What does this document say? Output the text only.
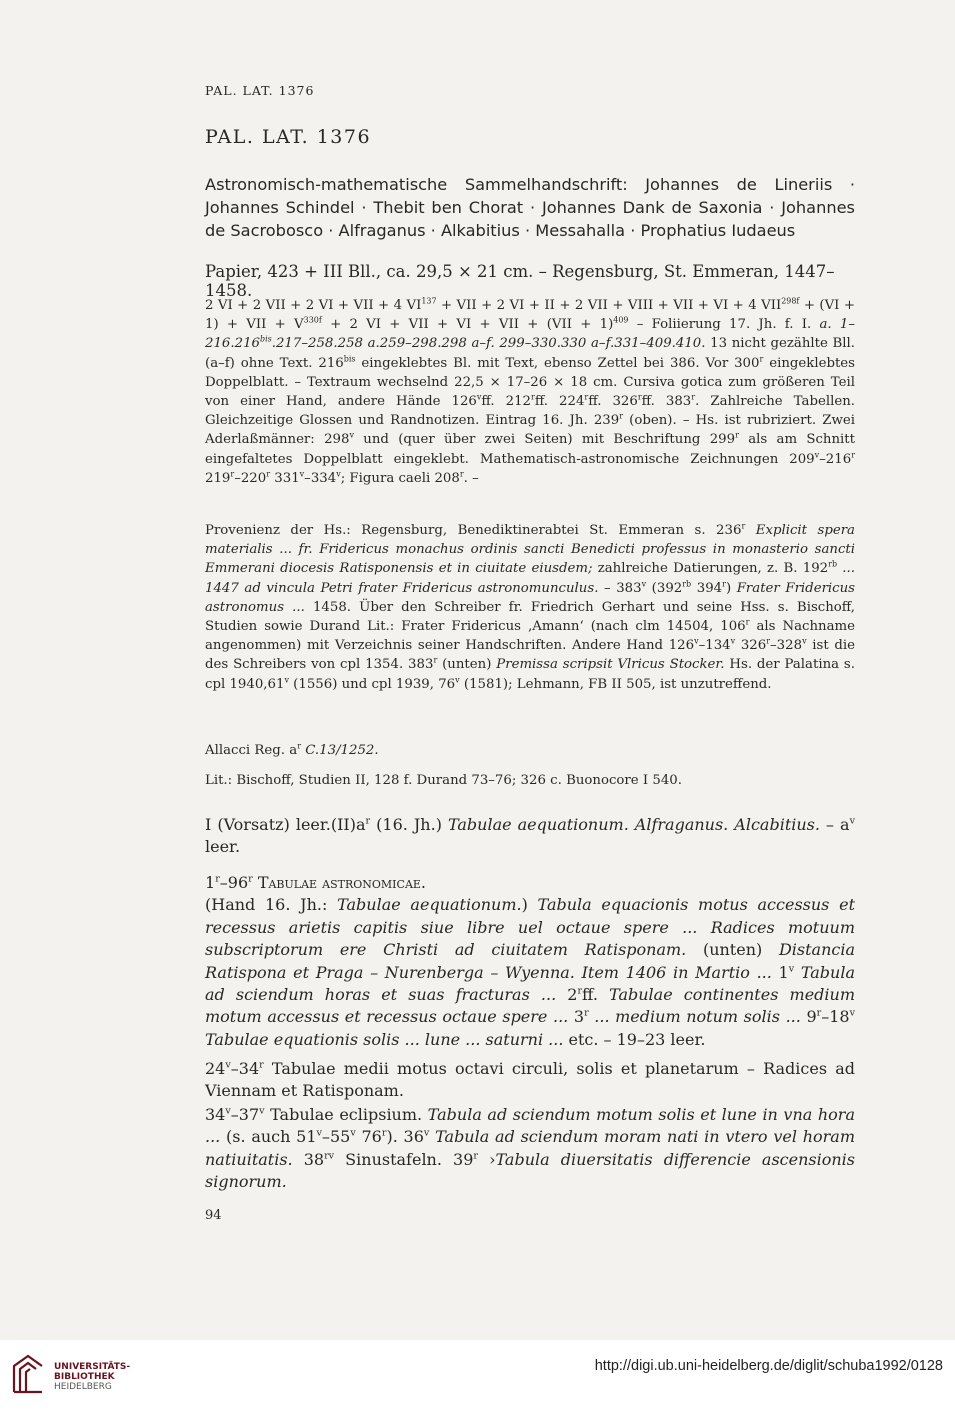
PAL. LAT. 1376
PAL. LAT. 1376

Astronomisch-mathematische Sammelhandschrift: Johannes de Lineriis · Johannes Schindel · Thebit ben Chorat · Johannes Dank de Saxonia · Johannes de Sacrobosco · Alfraganus · Alkabitius · Messahalla · Prophatius Iudaeus

Papier, 423 + III Bll., ca. 29,5 × 21 cm. – Regensburg, St. Emmeran, 1447–1458.

2 VI + 2 VII + 2 VI + VII + 4 $VI^{137}$ + VII + 2 VI + II + 2 VII + VIII + VII + VI + 4 $VII^{298f} + (VI + 1)$ + VII + $V^{330f} + 2$ VI + VII + VI + VII + (VII + 1)$^{409}$ – Foliierung 17. Jh. f. I. a. $1-216.216^{bis}.217-258.258$ a.259–298.298 a–f. 299–330.330 a–f.331–409.410. 13 nicht gezählte Bll. (a–f) ohne Text. $216^{bis}$ eingeklebtes Bl. mit Text, ebenso Zettel bei 386. Vor 300$^r$ eingeklebtes Doppelblatt. – Textraum wechselnd 22,5 × 17–26 × 18 cm. Cursiva gotica zum größeren Teil von einer Hand, andere Hände 126$^v$ff. 212$^r$ff. 224$^r$ff. 326$^r$ff. 383$^r$. Zahlreiche Tabellen. Gleichzeitige Glossen und Randnotizen. Eintrag 16. Jh. 239$^r$ (oben). – Hs. ist rubriziert. Zwei Aderlaßmänner: 298$^v$ und (quer über zwei Seiten) mit Beschriftung 299$^r$ als am Schnitt eingefaltetes Doppelblatt eingeklebt. Mathematisch-astronomische Zeichnungen 209$^v$–216$^r$ 219$^r$–220$^r$ 331$^v$–334$^v$; Figura caeli 208$^r$. –

Provenienz der Hs.: Regensburg, Benediktinerabtei St. Emmeran s. 236$^r$ Explicit spera materialis ... fr. Fridericus monachus ordinis sancti Benedicti professus in monasterio sancti Emmerani diocesis Ratisponensis et in ciuitate eiusdem; zahlreiche Datierungen, z. B. $192^{rb}$ ... 1447 ad vincula Petri frater Fridericus astronomunculus. – 383$^v$ ($392^{rb}$ 394$^r$) Frater Fridericus astronomus ... 1458. Über den Schreiber fr. Friedrich Gerhart und seine Hss. s. Bischoff, Studien sowie Durand Lit.: Frater Fridericus ‚Amann‘ (nach clm 14504, 106$^r$ als Nachname angenommen) mit Verzeichnis seiner Handschriften. Andere Hand 126$^v$–134$^v$ 326$^r$–328$^v$ ist die des Schreibers von cpl 1354. 383$^r$ (unten) Premissa scripsit Vlricus Stocker. Hs. der Palatina s. cpl 1940,61$^v$ (1556) und cpl 1939, 76$^v$ (1581); Lehmann, FB II 505, ist unzutreffend.

Allacci Reg. $a^r$ C.13/1252.

Lit.: Bischoff, Studien II, 128 f. Durand 73–76; 326 c. Buonocore I 540.

I (Vorsatz) $leer.(II)a^r$ (16. Jh.) Tabulae aequationum. Alfraganus. Alcabitius. – $a^v$ leer.

1$^r$–96$^r$ Tabulae astronomicae.

(Hand 16. Jh.: Tabulae aequationum.) Tabula equacionis motus accessus et recessus arietis capitis siue libre uel octaue spere ... Radices motuum subscriptorum ere Christi ad ciuitatem Ratisponam. (unten) Distancia Ratispona et Praga – Nurenberga – Wyenna. Item 1406 in Martio ... 1$^v$ Tabula ad sciendum horas et suas fracturas ... 2$^r$ff. Tabulae continentes medium motum accessus et recessus octaue spere ... 3$^r$ ... medium notum solis ... 9$^r$–18$^v$ Tabulae equationis solis ... lune ... saturni ... etc. – 19–23 leer.

24$^v$–34$^r$ Tabulae medii motus octavi circuli, solis et planetarum – Radices ad Viennam et Ratisponam.

34$^v$–37$^v$ Tabulae eclipsium. Tabula ad sciendum motum solis et lune in vna hora ... (s. auch 51$^v$–55$^v$ 76$^r$). 36$^v$ Tabula ad sciendum moram nati in vtero vel horam natiuitatis. $38^{rv}$ Sinustafeln. 39$^r$ ›Tabula diuersitatis differencie ascensionis signorum.

94
UNIVERSITÄTS-
BIBLIOTHEK
HEIDELBERG
http://digi.ub.uni-heidelberg.de/diglit/schuba1992/0128
